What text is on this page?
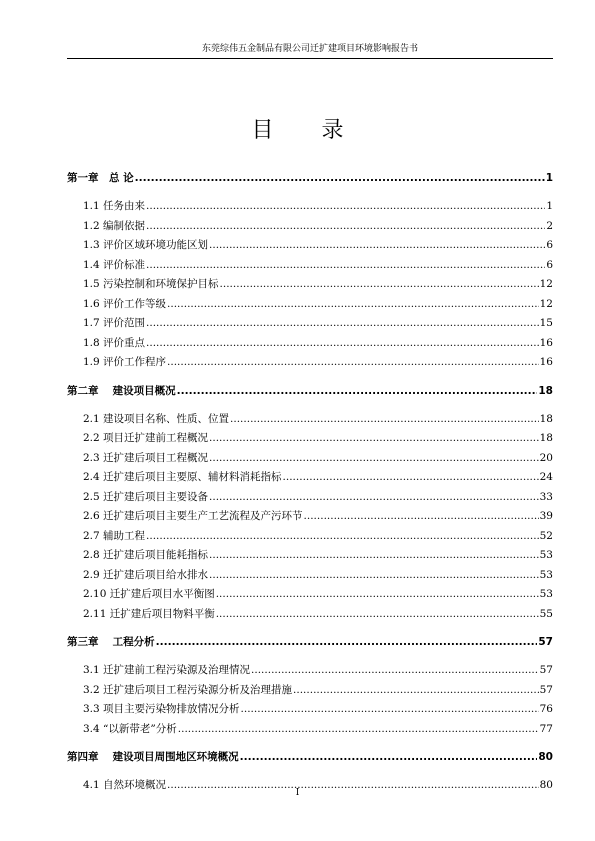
东莞综伟五金制品有限公司迁扩建项目环境影响报告书
目录
第一章　总 论 .....	1
1.1 任务由来 .....	1
1.2 编制依据 .....	2
1.3 评价区域环境功能区划 .....	6
1.4 评价标准 .....	6
1.5 污染控制和环境保护目标 .....	12
1.6 评价工作等级 .....	12
1.7 评价范围 .....	15
1.8 评价重点 .....	16
1.9 评价工作程序 .....	16
第二章　 建设项目概况 .....	18
2.1 建设项目名称、性质、位置 .....	18
2.2 项目迁扩建前工程概况 .....	18
2.3 迁扩建后项目工程概况 .....	20
2.4 迁扩建后项目主要原、辅材料消耗指标 .....	24
2.5 迁扩建后项目主要设备 .....	33
2.6 迁扩建后项目主要生产工艺流程及产污环节 .....	39
2.7 辅助工程 .....	52
2.8 迁扩建后项目能耗指标 .....	53
2.9 迁扩建后项目给水排水 .....	53
2.10 迁扩建后项目水平衡图 .....	53
2.11 迁扩建后项目物料平衡 .....	55
第三章　 工程分析 .....	57
3.1 迁扩建前工程污染源及治理情况 .....	57
3.2 迁扩建后项目工程污染源分析及治理措施 .....	57
3.3 项目主要污染物排放情况分析 .....	76
3.4 “以新带老”分析 .....	77
第四章　 建设项目周围地区环境概况 .....	80
4.1 自然环境概况 .....	80
I
